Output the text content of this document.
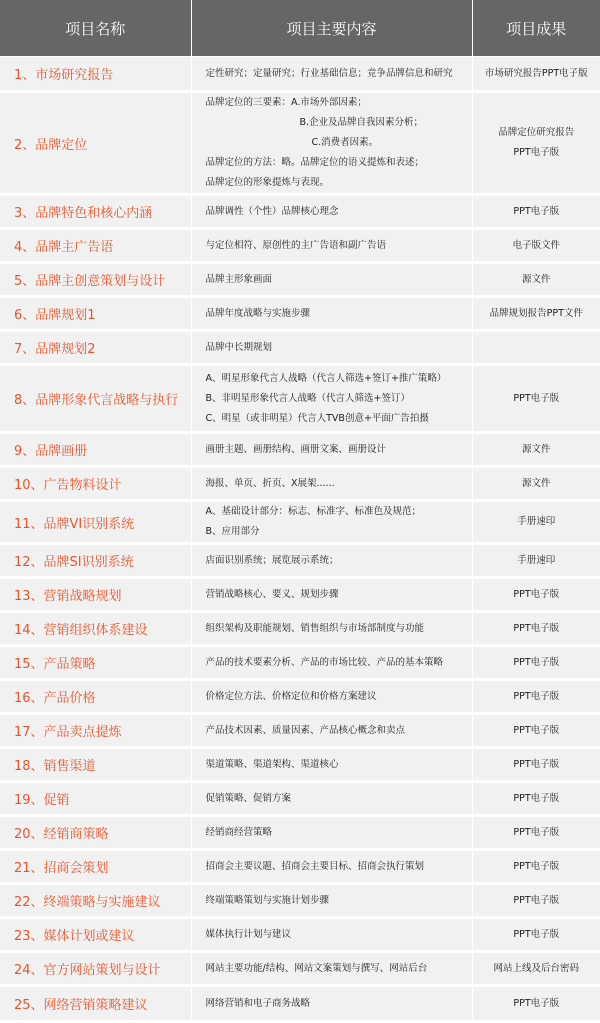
项目名称	项目主要内容	项目成果
1、市场研究报告	定性研究；定量研究；行业基础信息；竞争品牌信息和研究	市场研究报告PPT电子版

2、品牌定位	品牌定位的三要素：A.市场外部因素；
B.企业及品牌自我因素分析；
C.消费者因素。
品牌定位的方法：略。品牌定位的语义提炼和表述；
品牌定位的形象提炼与表现。	品牌定位研究报告
PPT电子版

3、品牌特色和核心内涵	品牌调性（个性）品牌核心理念	PPT电子版

4、品牌主广告语	与定位相符、原创性的主广告语和副广告语	电子版文件

5、品牌主创意策划与设计	品牌主形象画面	源文件

6、品牌规划1	品牌年度战略与实施步骤	品牌规划报告PPT文件

7、品牌规划2	品牌中长期规划	

8、品牌形象代言战略与执行	A、明星形象代言人战略（代言人筛选+签订+推广策略）
B、非明星形象代言人战略（代言人筛选+签订）
C、明星（或非明星）代言人TVB创意+平面广告拍摄	PPT电子版

9、品牌画册	画册主题、画册结构、画册文案、画册设计	源文件

10、广告物料设计	海报、单页、折页、X展架......	源文件

11、品牌VI识别系统	A、基础设计部分：标志、标准字、标准色及规范；
B、应用部分	手册速印

12、品牌SI识别系统	店面识别系统；展览展示系统；	手册速印

13、营销战略规划	营销战略核心、要义、规划步骤	PPT电子版

14、营销组织体系建设	组织架构及职能规划、销售组织与市场部制度与功能	PPT电子版

15、产品策略	产品的技术要素分析、产品的市场比较、产品的基本策略	PPT电子版

16、产品价格	价格定位方法、价格定位和价格方案建议	PPT电子版

17、产品卖点提炼	产品技术因素、质量因素、产品核心概念和卖点	PPT电子版

18、销售渠道	渠道策略、渠道架构、渠道核心	PPT电子版

19、促销	促销策略、促销方案	PPT电子版

20、经销商策略	经销商经营策略	PPT电子版

21、招商会策划	招商会主要议题、招商会主要目标、招商会执行策划	PPT电子版

22、终端策略与实施建议	终端策略策划与实施计划步骤	PPT电子版

23、媒体计划或建议	媒体执行计划与建议	PPT电子版

24、官方网站策划与设计	网站主要功能/结构、网站文案策划与撰写、网站后台	网站上线及后台密码

25、网络营销策略建议	网络营销和电子商务战略	PPT电子版
